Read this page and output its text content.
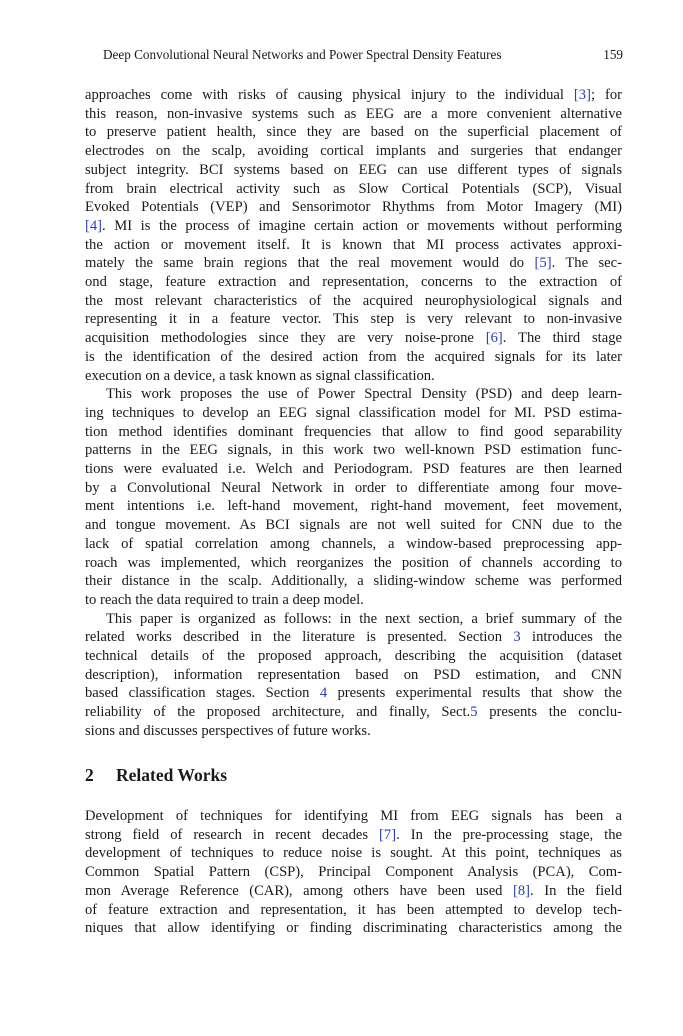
Deep Convolutional Neural Networks and Power Spectral Density Features	159
approaches come with risks of causing physical injury to the individual [3]; for
this reason, non-invasive systems such as EEG are a more convenient alternative
to preserve patient health, since they are based on the superficial placement of
electrodes on the scalp, avoiding cortical implants and surgeries that endanger
subject integrity. BCI systems based on EEG can use different types of signals
from brain electrical activity such as Slow Cortical Potentials (SCP), Visual
Evoked Potentials (VEP) and Sensorimotor Rhythms from Motor Imagery (MI)
[4]. MI is the process of imagine certain action or movements without performing
the action or movement itself. It is known that MI process activates approxi-
mately the same brain regions that the real movement would do [5]. The sec-
ond stage, feature extraction and representation, concerns to the extraction of
the most relevant characteristics of the acquired neurophysiological signals and
representing it in a feature vector. This step is very relevant to non-invasive
acquisition methodologies since they are very noise-prone [6]. The third stage
is the identification of the desired action from the acquired signals for its later
execution on a device, a task known as signal classification.
This work proposes the use of Power Spectral Density (PSD) and deep learn-
ing techniques to develop an EEG signal classification model for MI. PSD estima-
tion method identifies dominant frequencies that allow to find good separability
patterns in the EEG signals, in this work two well-known PSD estimation func-
tions were evaluated i.e. Welch and Periodogram. PSD features are then learned
by a Convolutional Neural Network in order to differentiate among four move-
ment intentions i.e. left-hand movement, right-hand movement, feet movement,
and tongue movement. As BCI signals are not well suited for CNN due to the
lack of spatial correlation among channels, a window-based preprocessing app-
roach was implemented, which reorganizes the position of channels according to
their distance in the scalp. Additionally, a sliding-window scheme was performed
to reach the data required to train a deep model.
This paper is organized as follows: in the next section, a brief summary of the
related works described in the literature is presented. Section 3 introduces the
technical details of the proposed approach, describing the acquisition (dataset
description), information representation based on PSD estimation, and CNN
based classification stages. Section 4 presents experimental results that show the
reliability of the proposed architecture, and finally, Sect.5 presents the conclu-
sions and discusses perspectives of future works.
2 Related Works
Development of techniques for identifying MI from EEG signals has been a
strong field of research in recent decades [7]. In the pre-processing stage, the
development of techniques to reduce noise is sought. At this point, techniques as
Common Spatial Pattern (CSP), Principal Component Analysis (PCA), Com-
mon Average Reference (CAR), among others have been used [8]. In the field
of feature extraction and representation, it has been attempted to develop tech-
niques that allow identifying or finding discriminating characteristics among the
